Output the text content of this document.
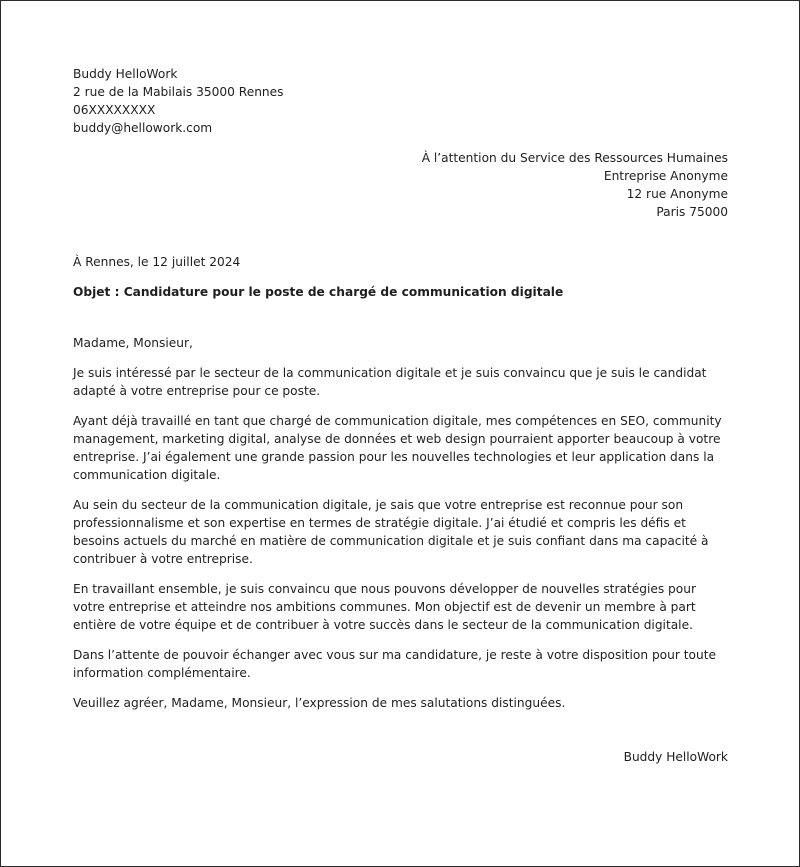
Buddy HelloWork
2 rue de la Mabilais 35000 Rennes
06XXXXXXXX
buddy@hellowork.com
À l’attention du Service des Ressources Humaines
Entreprise Anonyme
12 rue Anonyme
Paris 75000
À Rennes, le 12 juillet 2024
Objet : Candidature pour le poste de chargé de communication digitale
Madame, Monsieur,
Je suis intéressé par le secteur de la communication digitale et je suis convaincu que je suis le candidat adapté à votre entreprise pour ce poste.
Ayant déjà travaillé en tant que chargé de communication digitale, mes compétences en SEO, community management, marketing digital, analyse de données et web design pourraient apporter beaucoup à votre entreprise. J’ai également une grande passion pour les nouvelles technologies et leur application dans la communication digitale.
Au sein du secteur de la communication digitale, je sais que votre entreprise est reconnue pour son professionnalisme et son expertise en termes de stratégie digitale. J’ai étudié et compris les défis et besoins actuels du marché en matière de communication digitale et je suis confiant dans ma capacité à contribuer à votre entreprise.
En travaillant ensemble, je suis convaincu que nous pouvons développer de nouvelles stratégies pour votre entreprise et atteindre nos ambitions communes. Mon objectif est de devenir un membre à part entière de votre équipe et de contribuer à votre succès dans le secteur de la communication digitale.
Dans l’attente de pouvoir échanger avec vous sur ma candidature, je reste à votre disposition pour toute information complémentaire.
Veuillez agréer, Madame, Monsieur, l’expression de mes salutations distinguées.
Buddy HelloWork
